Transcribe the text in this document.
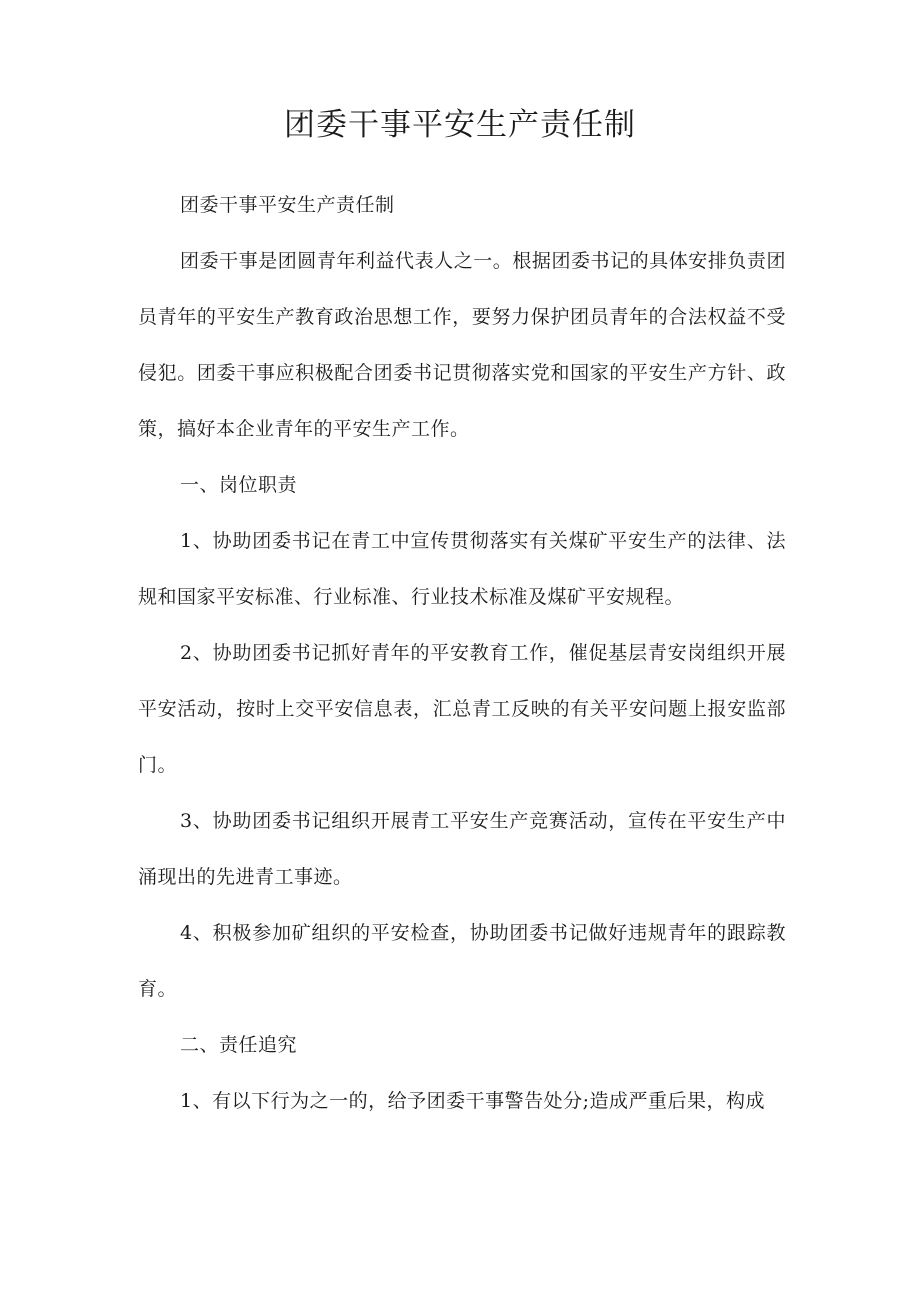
团委干事平安生产责任制

团委干事平安生产责任制

团委干事是团圆青年利益代表人之一。根据团委书记的具体安排负责团员青年的平安生产教育政治思想工作，要努力保护团员青年的合法权益不受侵犯。团委干事应积极配合团委书记贯彻落实党和国家的平安生产方针、政策，搞好本企业青年的平安生产工作。

一、岗位职责

1、协助团委书记在青工中宣传贯彻落实有关煤矿平安生产的法律、法规和国家平安标准、行业标准、行业技术标准及煤矿平安规程。

2、协助团委书记抓好青年的平安教育工作，催促基层青安岗组织开展平安活动，按时上交平安信息表，汇总青工反映的有关平安问题上报安监部门。

3、协助团委书记组织开展青工平安生产竞赛活动，宣传在平安生产中涌现出的先进青工事迹。

4、积极参加矿组织的平安检查，协助团委书记做好违规青年的跟踪教育。

二、责任追究

1、有以下行为之一的，给予团委干事警告处分;造成严重后果，构成
